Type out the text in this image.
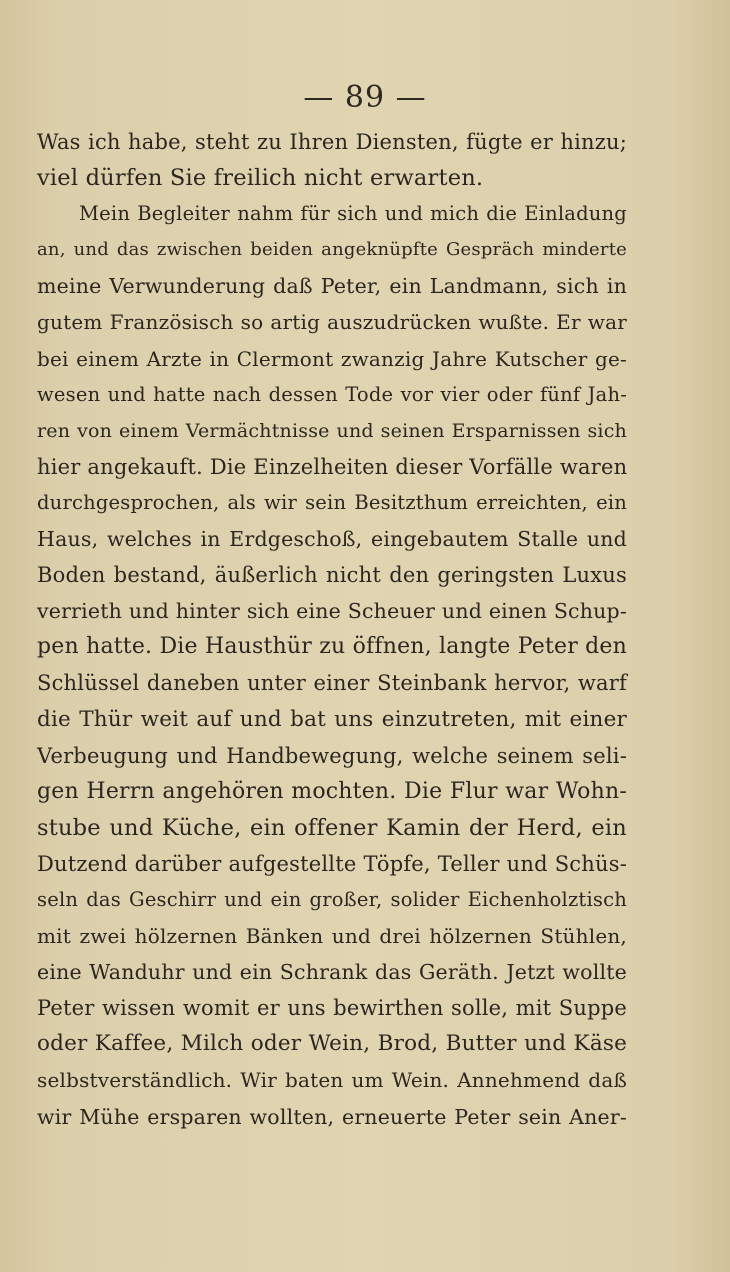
— 89 —
Was ich habe, steht zu Ihren Diensten, fügte er hinzu;
viel dürfen Sie freilich nicht erwarten.
Mein Begleiter nahm für sich und mich die Einladung
an, und das zwischen beiden angeknüpfte Gespräch minderte
meine Verwunderung daß Peter, ein Landmann, sich in
gutem Französisch so artig auszudrücken wußte. Er war
bei einem Arzte in Clermont zwanzig Jahre Kutscher ge-
wesen und hatte nach dessen Tode vor vier oder fünf Jah-
ren von einem Vermächtnisse und seinen Ersparnissen sich
hier angekauft. Die Einzelheiten dieser Vorfälle waren
durchgesprochen, als wir sein Besitzthum erreichten, ein
Haus, welches in Erdgeschoß, eingebautem Stalle und
Boden bestand, äußerlich nicht den geringsten Luxus
verrieth und hinter sich eine Scheuer und einen Schup-
pen hatte. Die Hausthür zu öffnen, langte Peter den
Schlüssel daneben unter einer Steinbank hervor, warf
die Thür weit auf und bat uns einzutreten, mit einer
Verbeugung und Handbewegung, welche seinem seli-
gen Herrn angehören mochten. Die Flur war Wohn-
stube und Küche, ein offener Kamin der Herd, ein
Dutzend darüber aufgestellte Töpfe, Teller und Schüs-
seln das Geschirr und ein großer, solider Eichenholztisch
mit zwei hölzernen Bänken und drei hölzernen Stühlen,
eine Wanduhr und ein Schrank das Geräth. Jetzt wollte
Peter wissen womit er uns bewirthen solle, mit Suppe
oder Kaffee, Milch oder Wein, Brod, Butter und Käse
selbstverständlich. Wir baten um Wein. Annehmend daß
wir Mühe ersparen wollten, erneuerte Peter sein Aner-
